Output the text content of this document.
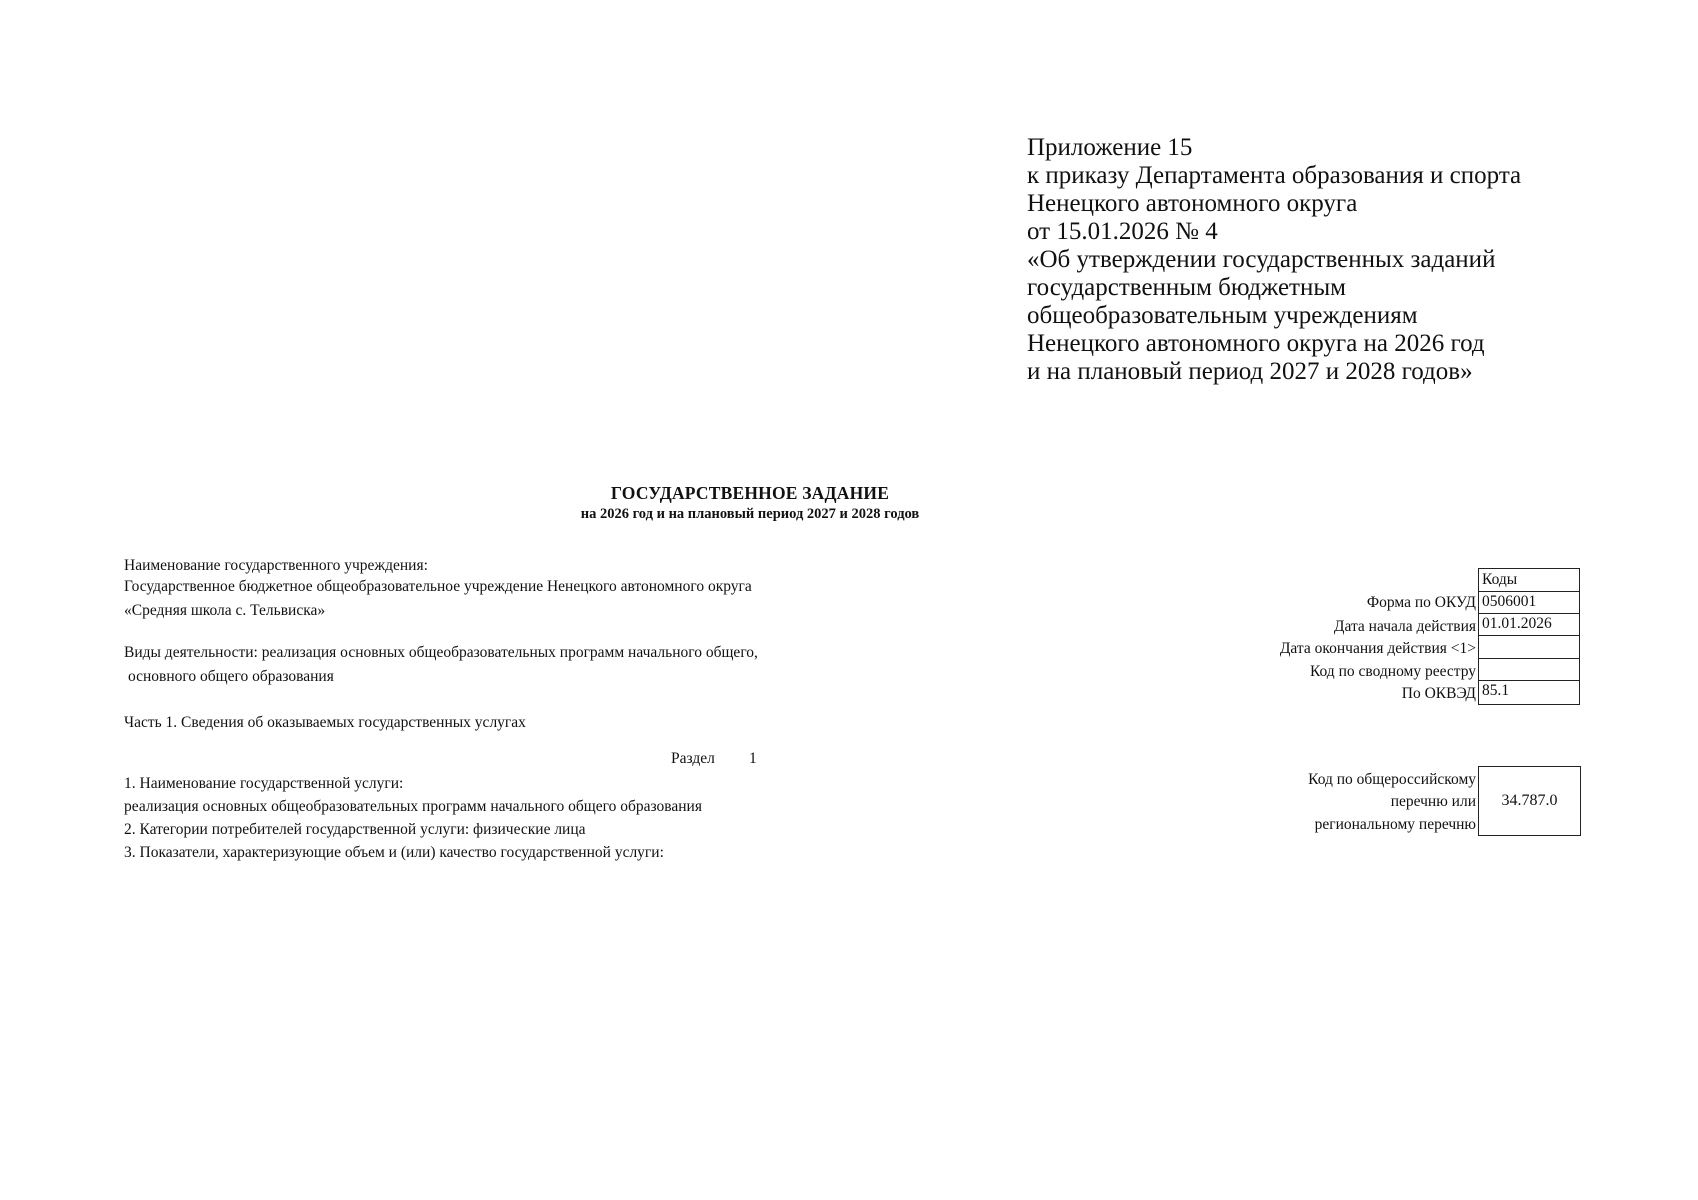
Приложение 15
к приказу Департамента образования и спорта
Ненецкого автономного округа
от 15.01.2026 № 4
«Об утверждении государственных заданий
государственным бюджетным
общеобразовательным учреждениям
Ненецкого автономного округа на 2026 год
и на плановый период 2027 и 2028 годов»
ГОСУДАРСТВЕННОЕ ЗАДАНИЕ
на 2026 год и на плановый период 2027 и 2028 годов
Наименование государственного учреждения:
Государственное бюджетное общеобразовательное учреждение Ненецкого автономного округа
«Средняя школа с. Тельвиска»
Виды деятельности: реализация основных общеобразовательных программ начального общего,
основного общего образования
Часть 1. Сведения об оказываемых государственных услугах
Раздел 1
1. Наименование государственной услуги:
реализация основных общеобразовательных программ начального общего образования
2. Категории потребителей государственной услуги: физические лица
3. Показатели, характеризующие объем и (или) качество государственной услуги:
Коды
Форма по ОКУД 0506001
Дата начала действия 01.01.2026
Дата окончания действия <1>
Код по сводному реестру
По ОКВЭД 85.1
Код по общероссийскому
перечню или
региональному перечню
34.787.0
